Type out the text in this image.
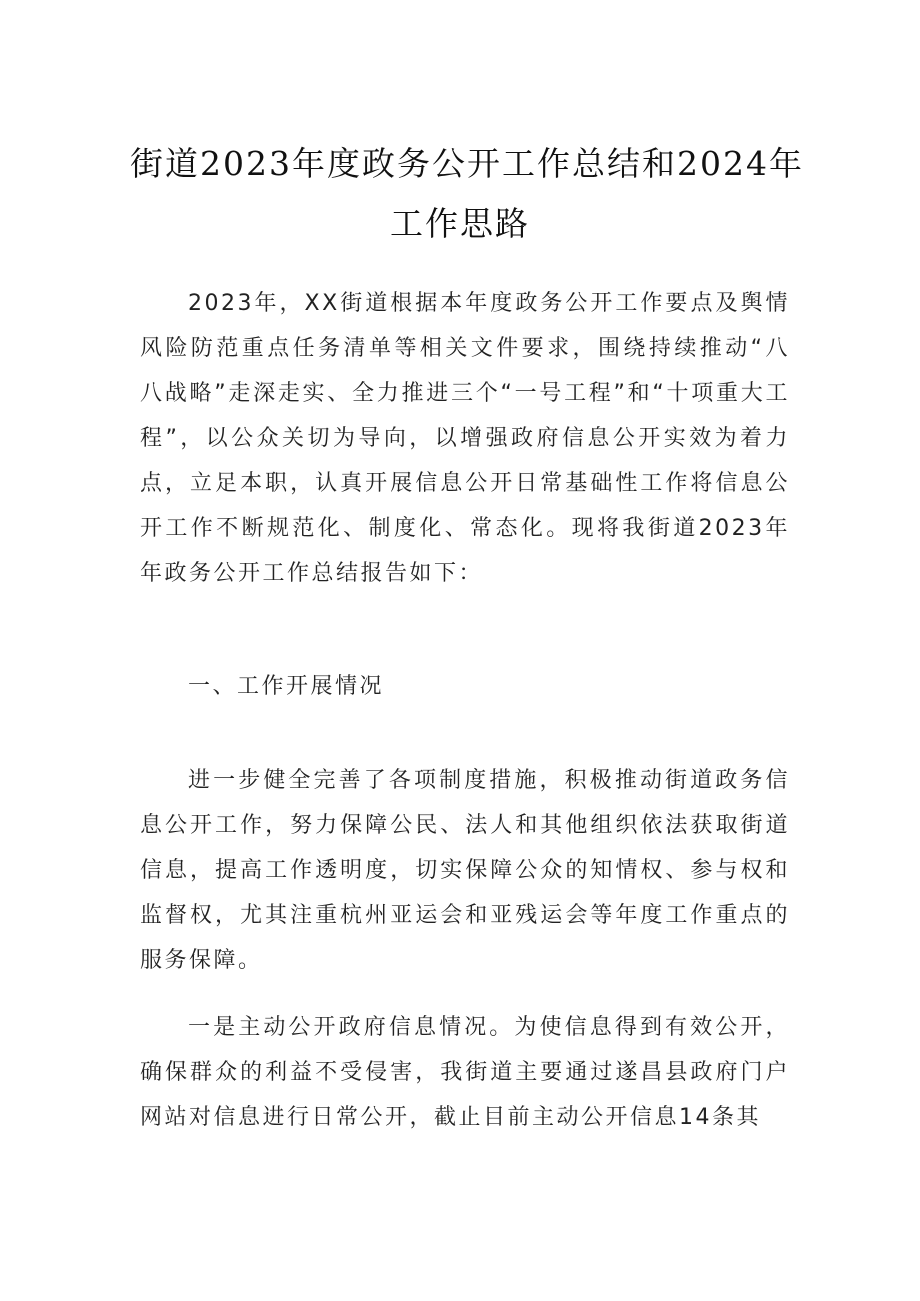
街道2023年度政务公开工作总结和2024年
工作思路

2023年，XX街道根据本年度政务公开工作要点及舆情风险防范重点任务清单等相关文件要求，围绕持续推动“八八战略”走深走实、全力推进三个“一号工程”和“十项重大工程”，以公众关切为导向，以增强政府信息公开实效为着力点，立足本职，认真开展信息公开日常基础性工作将信息公开工作不断规范化、制度化、常态化。现将我街道2023年年政务公开工作总结报告如下：

一、工作开展情况

进一步健全完善了各项制度措施，积极推动街道政务信息公开工作，努力保障公民、法人和其他组织依法获取街道信息，提高工作透明度，切实保障公众的知情权、参与权和监督权，尤其注重杭州亚运会和亚残运会等年度工作重点的服务保障。

一是主动公开政府信息情况。为使信息得到有效公开，确保群众的利益不受侵害，我街道主要通过遂昌县政府门户网站对信息进行日常公开，截止目前主动公开信息14条其
